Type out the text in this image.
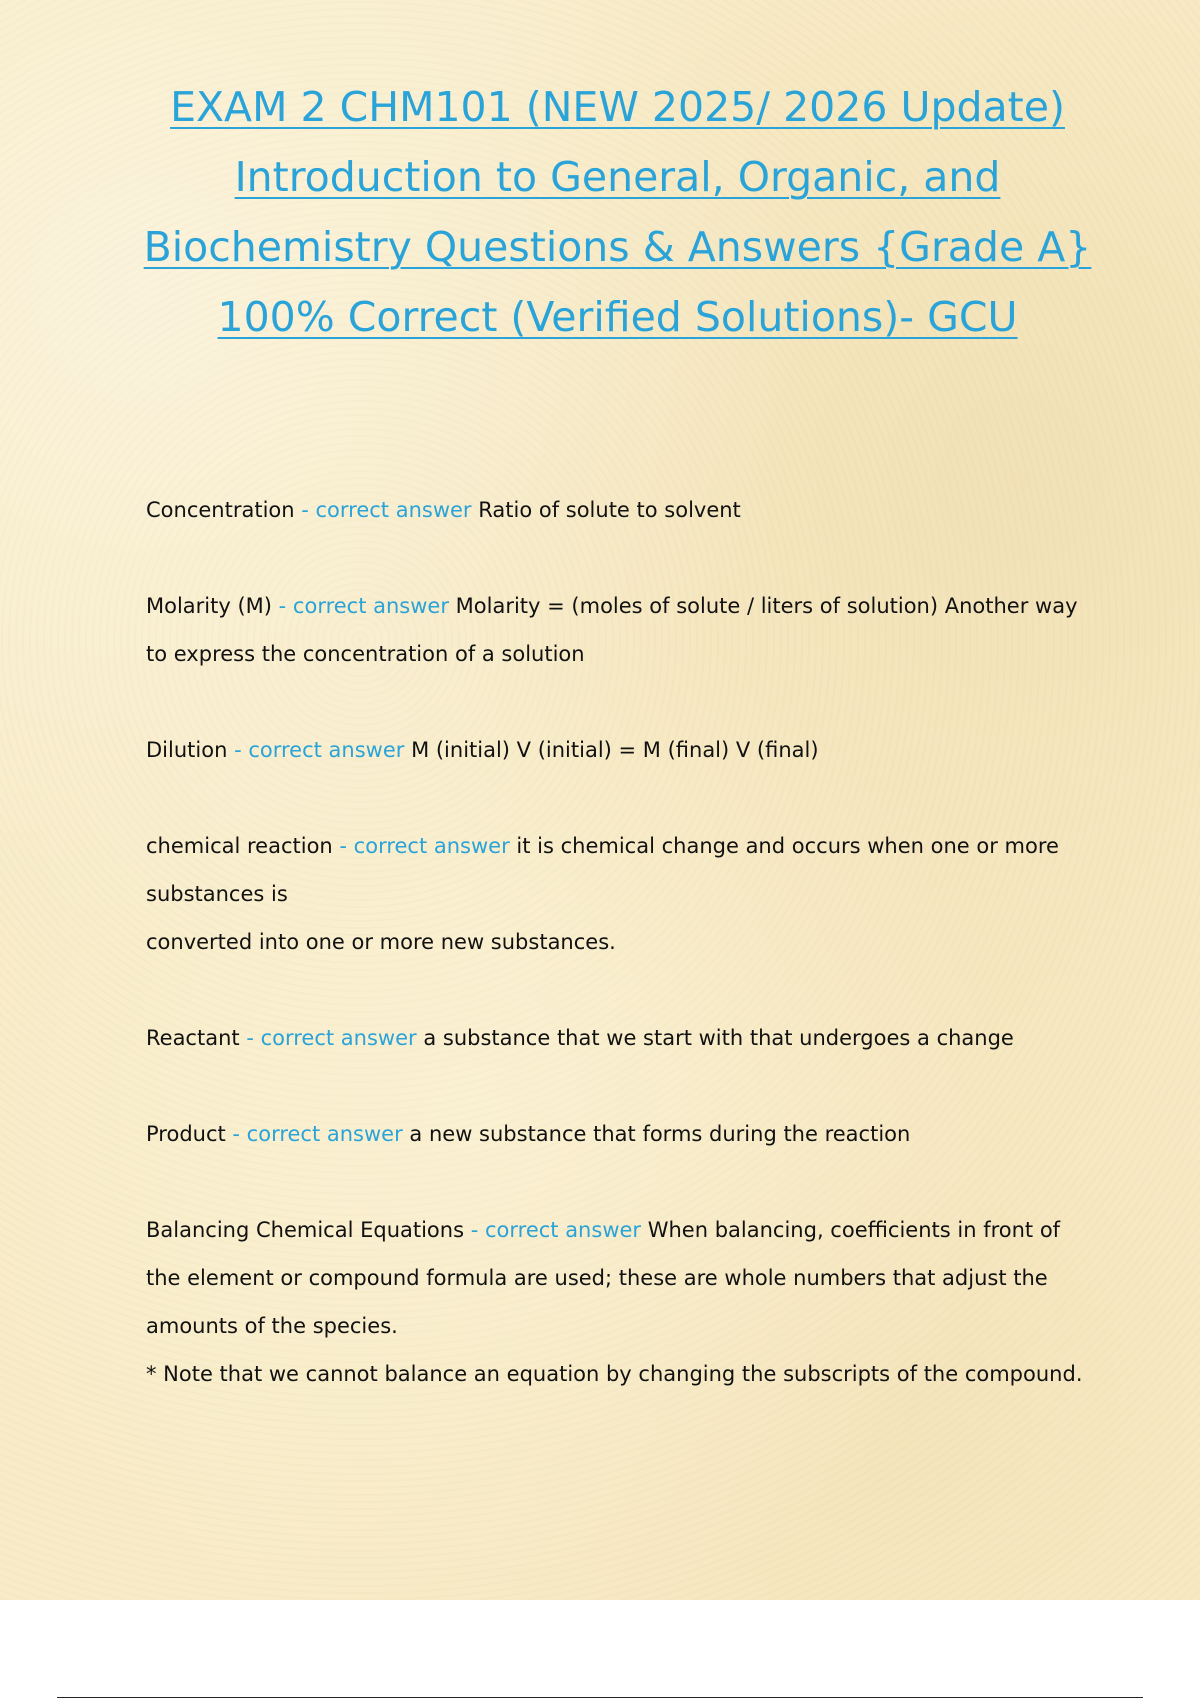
EXAM 2 CHM101 (NEW 2025/ 2026 Update) Introduction to General, Organic, and Biochemistry Questions & Answers {Grade A} 100% Correct (Verified Solutions)- GCU

Concentration - correct answer Ratio of solute to solvent

Molarity (M) - correct answer Molarity = (moles of solute / liters of solution) Another way to express the concentration of a solution

Dilution - correct answer M (initial) V (initial) = M (final) V (final)

chemical reaction - correct answer it is chemical change and occurs when one or more substances is
converted into one or more new substances.

Reactant - correct answer a substance that we start with that undergoes a change

Product - correct answer a new substance that forms during the reaction

Balancing Chemical Equations - correct answer When balancing, coefficients in front of the element or compound formula are used; these are whole numbers that adjust the amounts of the species.
* Note that we cannot balance an equation by changing the subscripts of the compound.
